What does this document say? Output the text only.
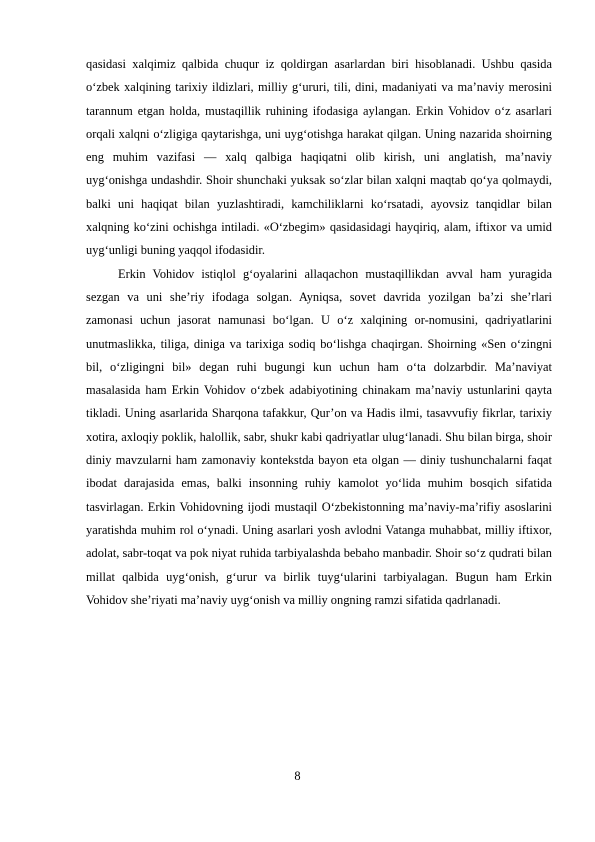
qasidasi xalqimiz qalbida chuqur iz qoldirgan asarlardan biri hisoblanadi. Ushbu qasida o‘zbek xalqining tarixiy ildizlari, milliy g‘ururi, tili, dini, madaniyati va ma’naviy merosini tarannum etgan holda, mustaqillik ruhining ifodasiga aylangan. Erkin Vohidov o‘z asarlari orqali xalqni o‘zligiga qaytarishga, uni uyg‘otishga harakat qilgan. Uning nazarida shoirning eng muhim vazifasi — xalq qalbiga haqiqatni olib kirish, uni anglatish, ma’naviy uyg‘onishga undashdir. Shoir shunchaki yuksak so‘zlar bilan xalqni maqtab qo‘ya qolmaydi, balki uni haqiqat bilan yuzlashtiradi, kamchiliklarni ko‘rsatadi, ayovsiz tanqidlar bilan xalqning ko‘zini ochishga intiladi. «O‘zbegim» qasidasidagi hayqiriq, alam, iftixor va umid uyg‘unligi buning yaqqol ifodasidir.

Erkin Vohidov istiqlol g‘oyalarini allaqachon mustaqillikdan avval ham yuragida sezgan va uni she’riy ifodaga solgan. Ayniqsa, sovet davrida yozilgan ba’zi she’rlari zamonasi uchun jasorat namunasi bo‘lgan. U o‘z xalqining or-nomusini, qadriyatlarini unutmaslikka, tiliga, diniga va tarixiga sodiq bo‘lishga chaqirgan. Shoirning «Sen o‘zingni bil, o‘zligingni bil» degan ruhi bugungi kun uchun ham o‘ta dolzarbdir. Ma’naviyat masalasida ham Erkin Vohidov o‘zbek adabiyotining chinakam ma’naviy ustunlarini qayta tikladi. Uning asarlarida Sharqona tafakkur, Qur’on va Hadis ilmi, tasavvufiy fikrlar, tarixiy xotira, axloqiy poklik, halollik, sabr, shukr kabi qadriyatlar ulug‘lanadi. Shu bilan birga, shoir diniy mavzularni ham zamonaviy kontekstda bayon eta olgan — diniy tushunchalarni faqat ibodat darajasida emas, balki insonning ruhiy kamolot yo‘lida muhim bosqich sifatida tasvirlagan. Erkin Vohidovning ijodi mustaqil O‘zbekistonning ma’naviy-ma’rifiy asoslarini yaratishda muhim rol o‘ynadi. Uning asarlari yosh avlodni Vatanga muhabbat, milliy iftixor, adolat, sabr-toqat va pok niyat ruhida tarbiyalashda bebaho manbadir. Shoir so‘z qudrati bilan millat qalbida uyg‘onish, g‘urur va birlik tuyg‘ularini tarbiyalagan. Bugun ham Erkin Vohidov she’riyati ma’naviy uyg‘onish va milliy ongning ramzi sifatida qadrlanadi.

8
